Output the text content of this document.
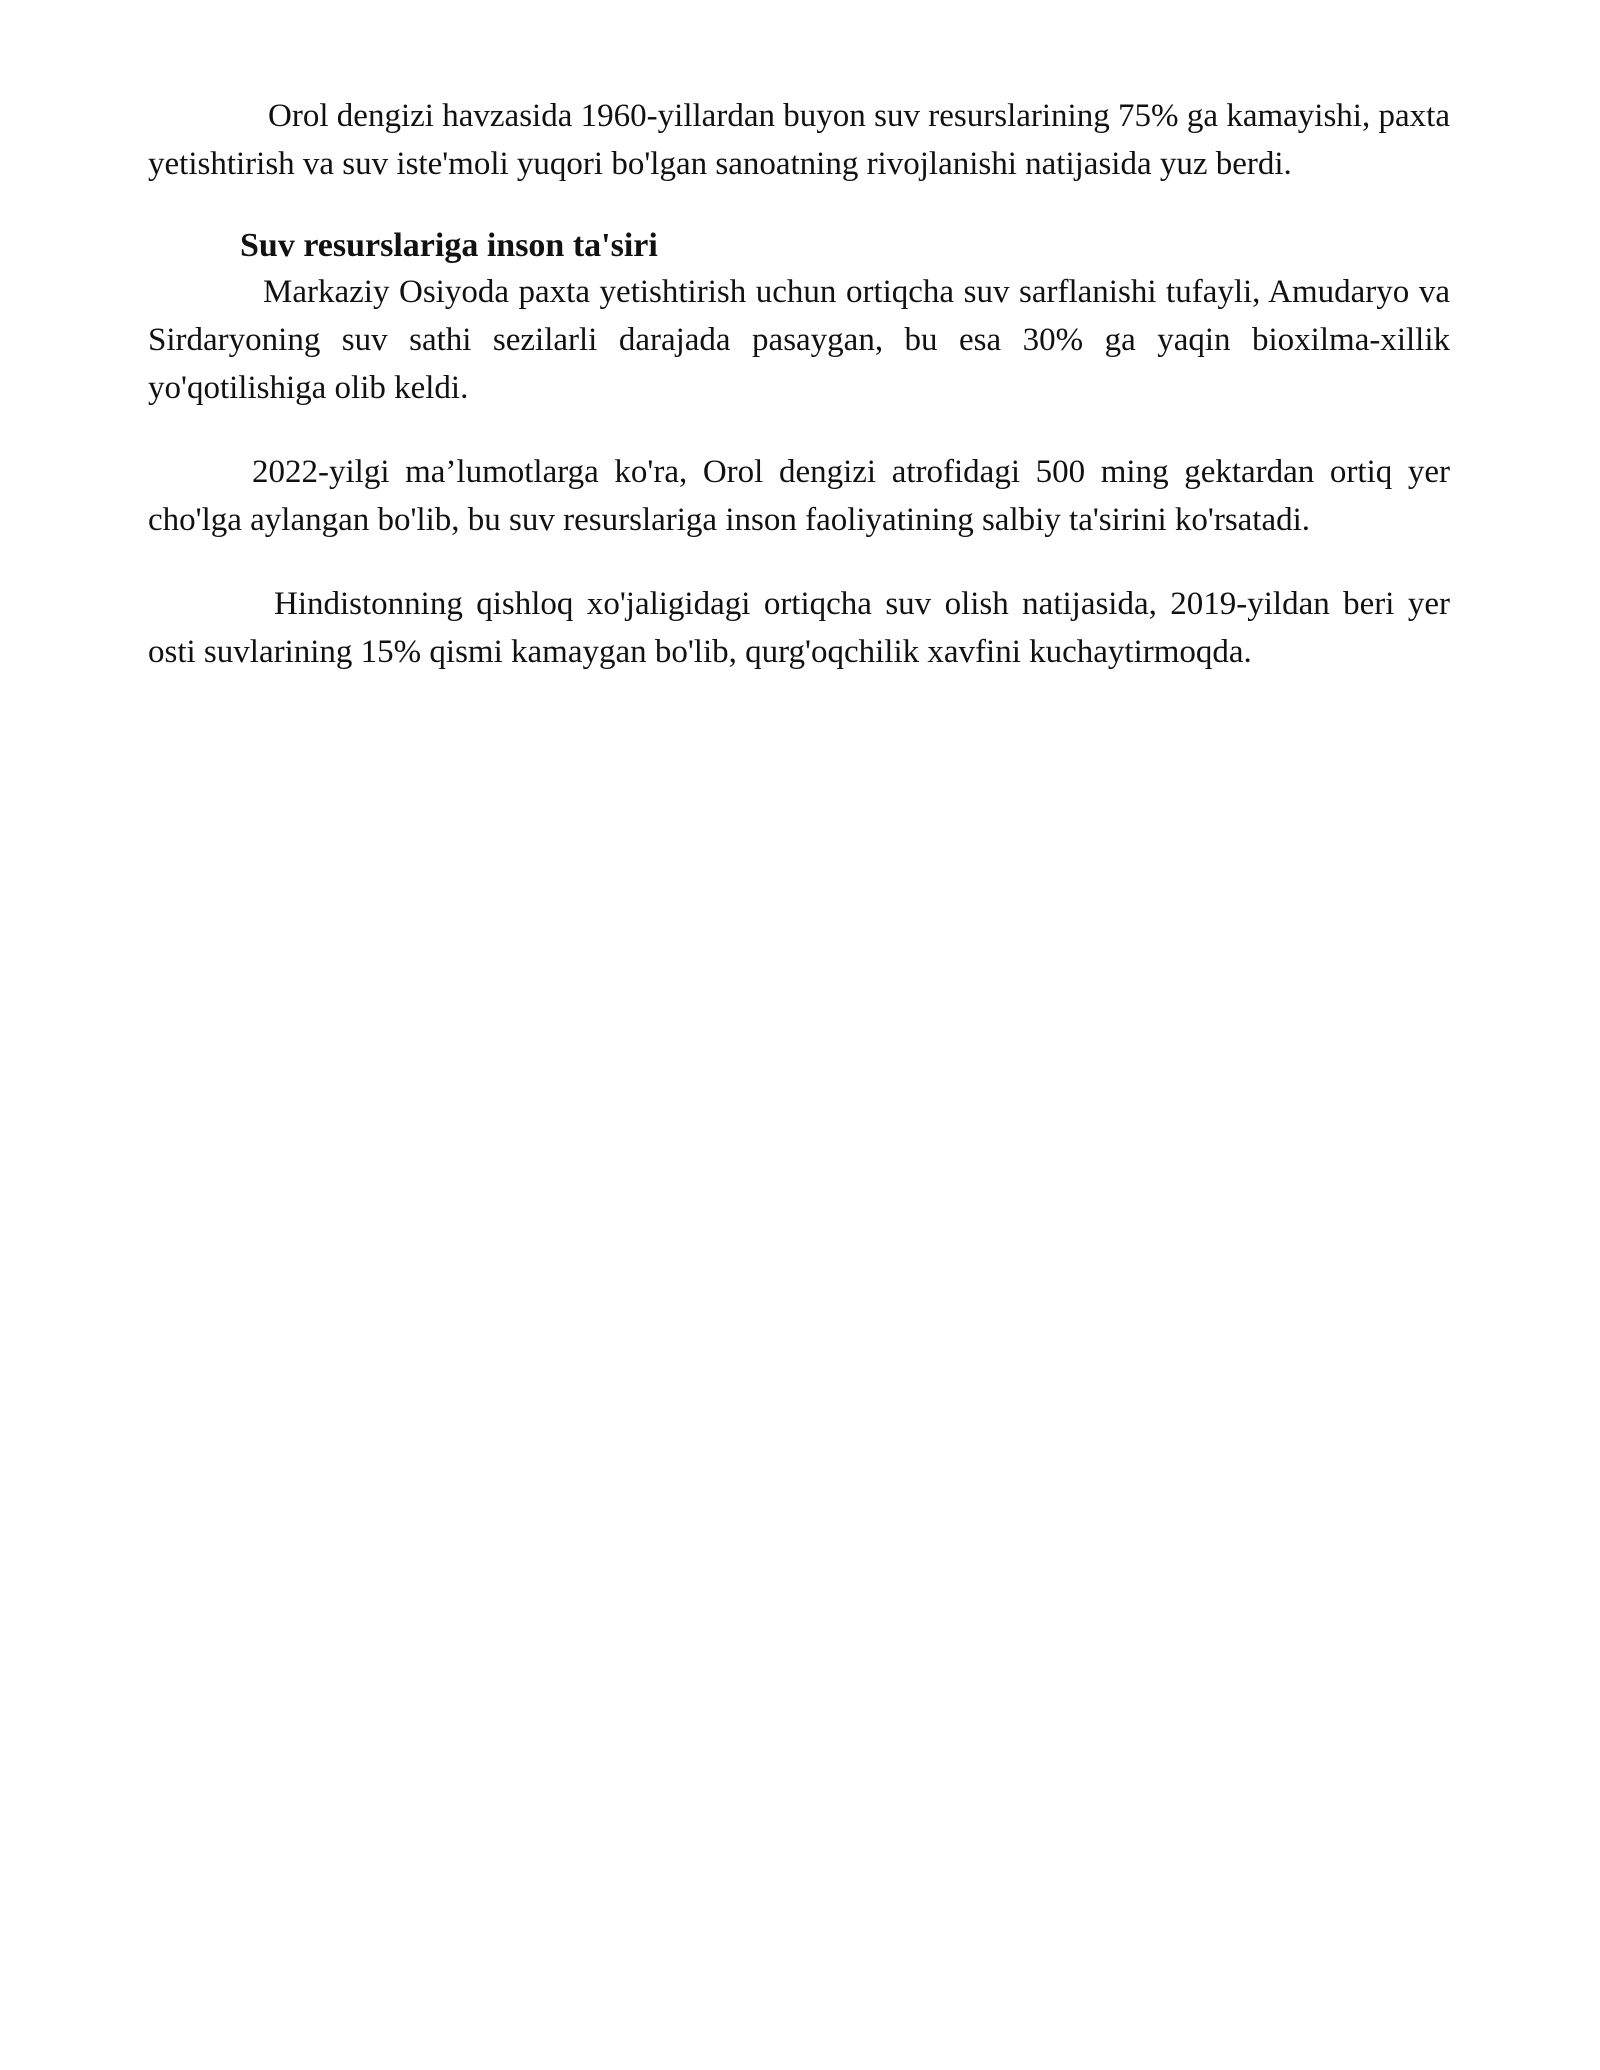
Orol dengizi havzasida 1960-yillardan buyon suv resurslarining 75% ga kamayishi, paxta yetishtirish va suv iste'moli yuqori bo'lgan sanoatning rivojlanishi natijasida yuz berdi.

Suv resurslariga inson ta'siri

Markaziy Osiyoda paxta yetishtirish uchun ortiqcha suv sarflanishi tufayli, Amudaryo va Sirdaryoning suv sathi sezilarli darajada pasaygan, bu esa 30% ga yaqin bioxilma-xillik yo'qotilishiga olib keldi.

2022-yilgi ma’lumotlarga ko'ra, Orol dengizi atrofidagi 500 ming gektardan ortiq yer cho'lga aylangan bo'lib, bu suv resurslariga inson faoliyatining salbiy ta'sirini ko'rsatadi.

Hindistonning qishloq xo'jaligidagi ortiqcha suv olish natijasida, 2019-yildan beri yer osti suvlarining 15% qismi kamaygan bo'lib, qurg'oqchilik xavfini kuchaytirmoqda.
